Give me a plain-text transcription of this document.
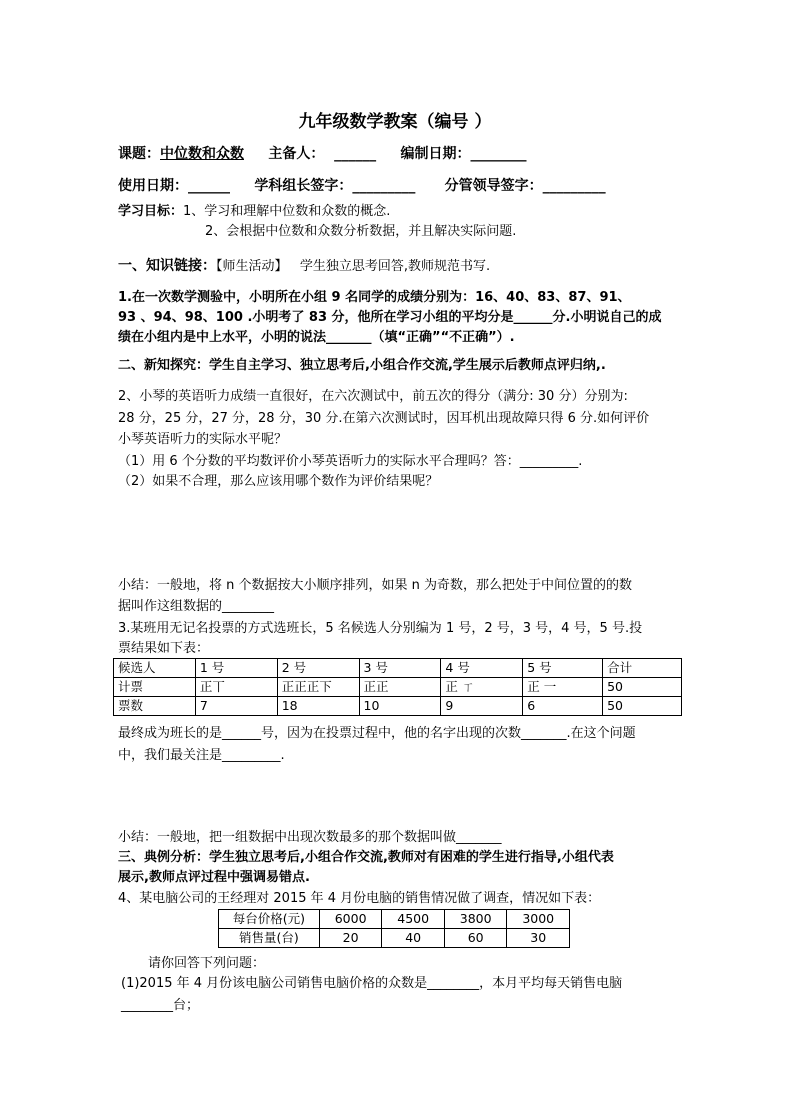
九年级数学教案（编号 ）
课题：中位数和众数     主备人：  ______     编制日期：________
使用日期：______     学科组长签字：_________      分管领导签字：_________
学习目标：1、学习和理解中位数和众数的概念.
2、会根据中位数和众数分析数据，并且解决实际问题.
一、知识链接：【师生活动】   学生独立思考回答,教师规范书写.
1.在一次数学测验中，小明所在小组 9 名同学的成绩分别为：16、40、83、87、91、
93 、94、98、100 .小明考了 83 分，他所在学习小组的平均分是______分.小明说自己的成
绩在小组内是中上水平，小明的说法_______（填“正确”“不正确”）.
二、新知探究：学生自主学习、独立思考后,小组合作交流,学生展示后教师点评归纳,.
2、小琴的英语听力成绩一直很好，在六次测试中，前五次的得分（满分: 30 分）分别为:
28 分，25 分，27 分，28 分，30 分.在第六次测试时，因耳机出现故障只得 6 分.如何评价
小琴英语听力的实际水平呢？
（1）用 6 个分数的平均数评价小琴英语听力的实际水平合理吗？答：_________.
（2）如果不合理，那么应该用哪个数作为评价结果呢？
小结：一般地，将 n 个数据按大小顺序排列，如果 n 为奇数，那么把处于中间位置的的数
据叫作这组数据的________
3.某班用无记名投票的方式选班长，5 名候选人分别编为 1 号，2 号，3 号，4 号，5 号.投
票结果如下表：
候选人	1 号	2 号	3 号	4 号	5 号	合计
计票	正丅	正正正下	正正	正 ㄒ	正 一	50
票数	7	18	10	9	6	50
最终成为班长的是______号，因为在投票过程中，他的名字出现的次数_______.在这个问题
中，我们最关注是_________.
小结：一般地，把一组数据中出现次数最多的那个数据叫做_______
三、典例分析：学生独立思考后,小组合作交流,教师对有困难的学生进行指导,小组代表
展示,教师点评过程中强调易错点.
4、某电脑公司的王经理对 2015 年 4 月份电脑的销售情况做了调查，情况如下表：
每台价格(元)	6000	4500	3800	3000
销售量(台)	20	40	60	30
请你回答下列问题：
(1)2015 年 4 月份该电脑公司销售电脑价格的众数是________，本月平均每天销售电脑
________台；
